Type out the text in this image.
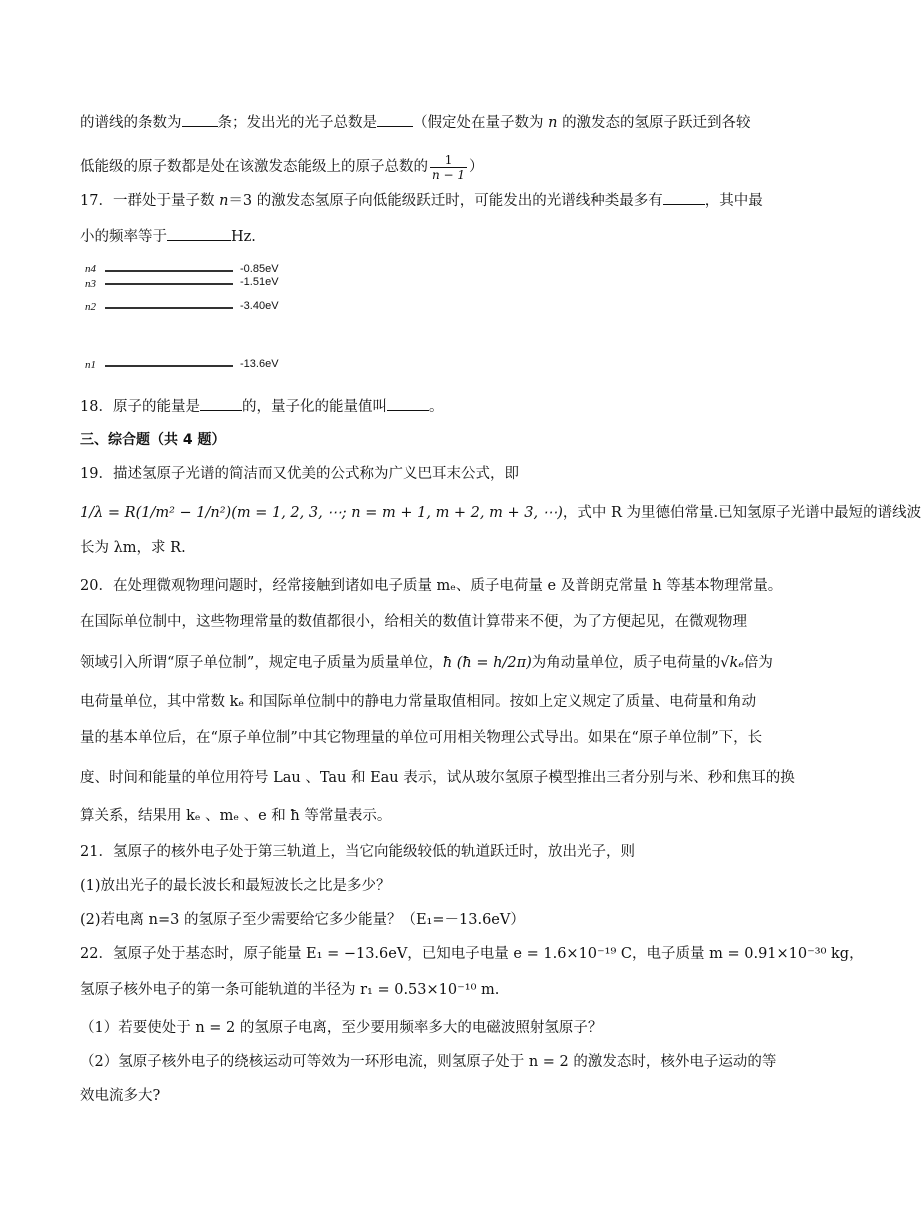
的谱线的条数为 条；发出光的光子总数是 （假定处在量子数为 n 的激发态的氢原子跃迁到各较
低能级的原子数都是处在该激发态能级上的原子总数的 $\frac{1}{n - 1}$ ）
17．一群处于量子数 n＝3 的激发态氢原子向低能级跃迁时，可能发出的光谱线种类最多有	，其中最
小的频率等于	Hz.
n4	-0.85eV
n3	-1.51eV
n2	-3.40eV
n1	-13.6eV
18．原子的能量是	的，量子化的能量值叫	。
三、综合题（共 4 题）
19．描述氢原子光谱的简洁而又优美的公式称为广义巴耳末公式，即
1/λ = R(1/m² − 1/n²)(m = 1, 2, 3, ⋯; n = m + 1, m + 2, m + 3, ⋯)，式中 R 为里德伯常量.已知氢原子光谱中最短的谱线波
长为 λm，求 R.
20．在处理微观物理问题时，经常接触到诸如电子质量 mₑ、质子电荷量 e 及普朗克常量 h 等基本物理常量。
在国际单位制中，这些物理常量的数值都很小，给相关的数值计算带来不便，为了方便起见，在微观物理
领域引入所谓“原子单位制”，规定电子质量为质量单位，ħ (ħ = h/2π)为角动量单位，质子电荷量的√kₑ倍为
电荷量单位，其中常数 kₑ 和国际单位制中的静电力常量取值相同。按如上定义规定了质量、电荷量和角动
量的基本单位后，在“原子单位制”中其它物理量的单位可用相关物理公式导出。如果在“原子单位制”下，长
度、时间和能量的单位用符号 Lau 、Tau 和 Eau 表示，试从玻尔氢原子模型推出三者分别与米、秒和焦耳的换
算关系，结果用 kₑ 、mₑ 、e 和 ħ 等常量表示。
21．氢原子的核外电子处于第三轨道上，当它向能级较低的轨道跃迁时，放出光子，则
(1)放出光子的最长波长和最短波长之比是多少？
(2)若电离 n=3 的氢原子至少需要给它多少能量？（E₁=－13.6eV）
22．氢原子处于基态时，原子能量 E₁ = −13.6eV，已知电子电量 e = 1.6×10⁻¹⁹ C，电子质量 m = 0.91×10⁻³⁰ kg，
氢原子核外电子的第一条可能轨道的半径为 r₁ = 0.53×10⁻¹⁰ m.
（1）若要使处于 n = 2 的氢原子电离，至少要用频率多大的电磁波照射氢原子？
（2）氢原子核外电子的绕核运动可等效为一环形电流，则氢原子处于 n = 2 的激发态时，核外电子运动的等
效电流多大?
